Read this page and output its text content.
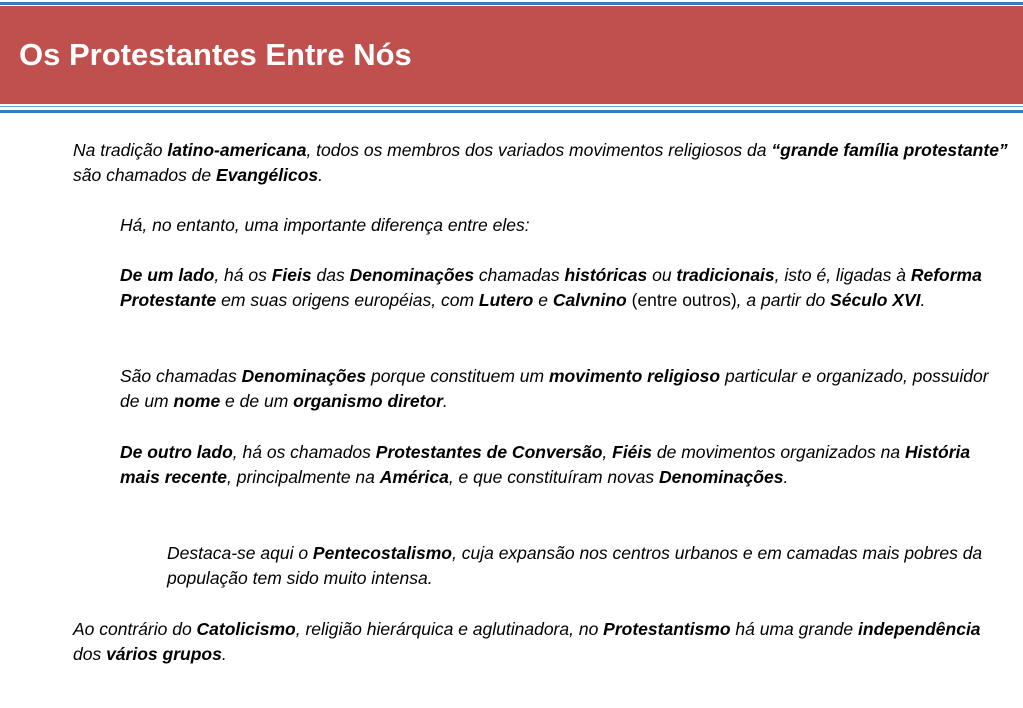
Os Protestantes Entre Nós

Na tradição latino-americana, todos os membros dos variados movimentos religiosos da “grande família protestante” são chamados de Evangélicos.

Há, no entanto, uma importante diferença entre eles:

De um lado, há os Fieis das Denominações chamadas históricas ou tradicionais, isto é, ligadas à Reforma Protestante em suas origens européias, com Lutero e Calvnino (entre outros), a partir do Século XVI.

São chamadas Denominações porque constituem um movimento religioso particular e organizado, possuidor de um nome e de um organismo diretor.

De outro lado, há os chamados Protestantes de Conversão, Fiéis de movimentos organizados na História mais recente, principalmente na América, e que constituíram novas Denominações.

Destaca-se aqui o Pentecostalismo, cuja expansão nos centros urbanos e em camadas mais pobres da população tem sido muito intensa.

Ao contrário do Catolicismo, religião hierárquica e aglutinadora, no Protestantismo há uma grande independência dos vários grupos.
